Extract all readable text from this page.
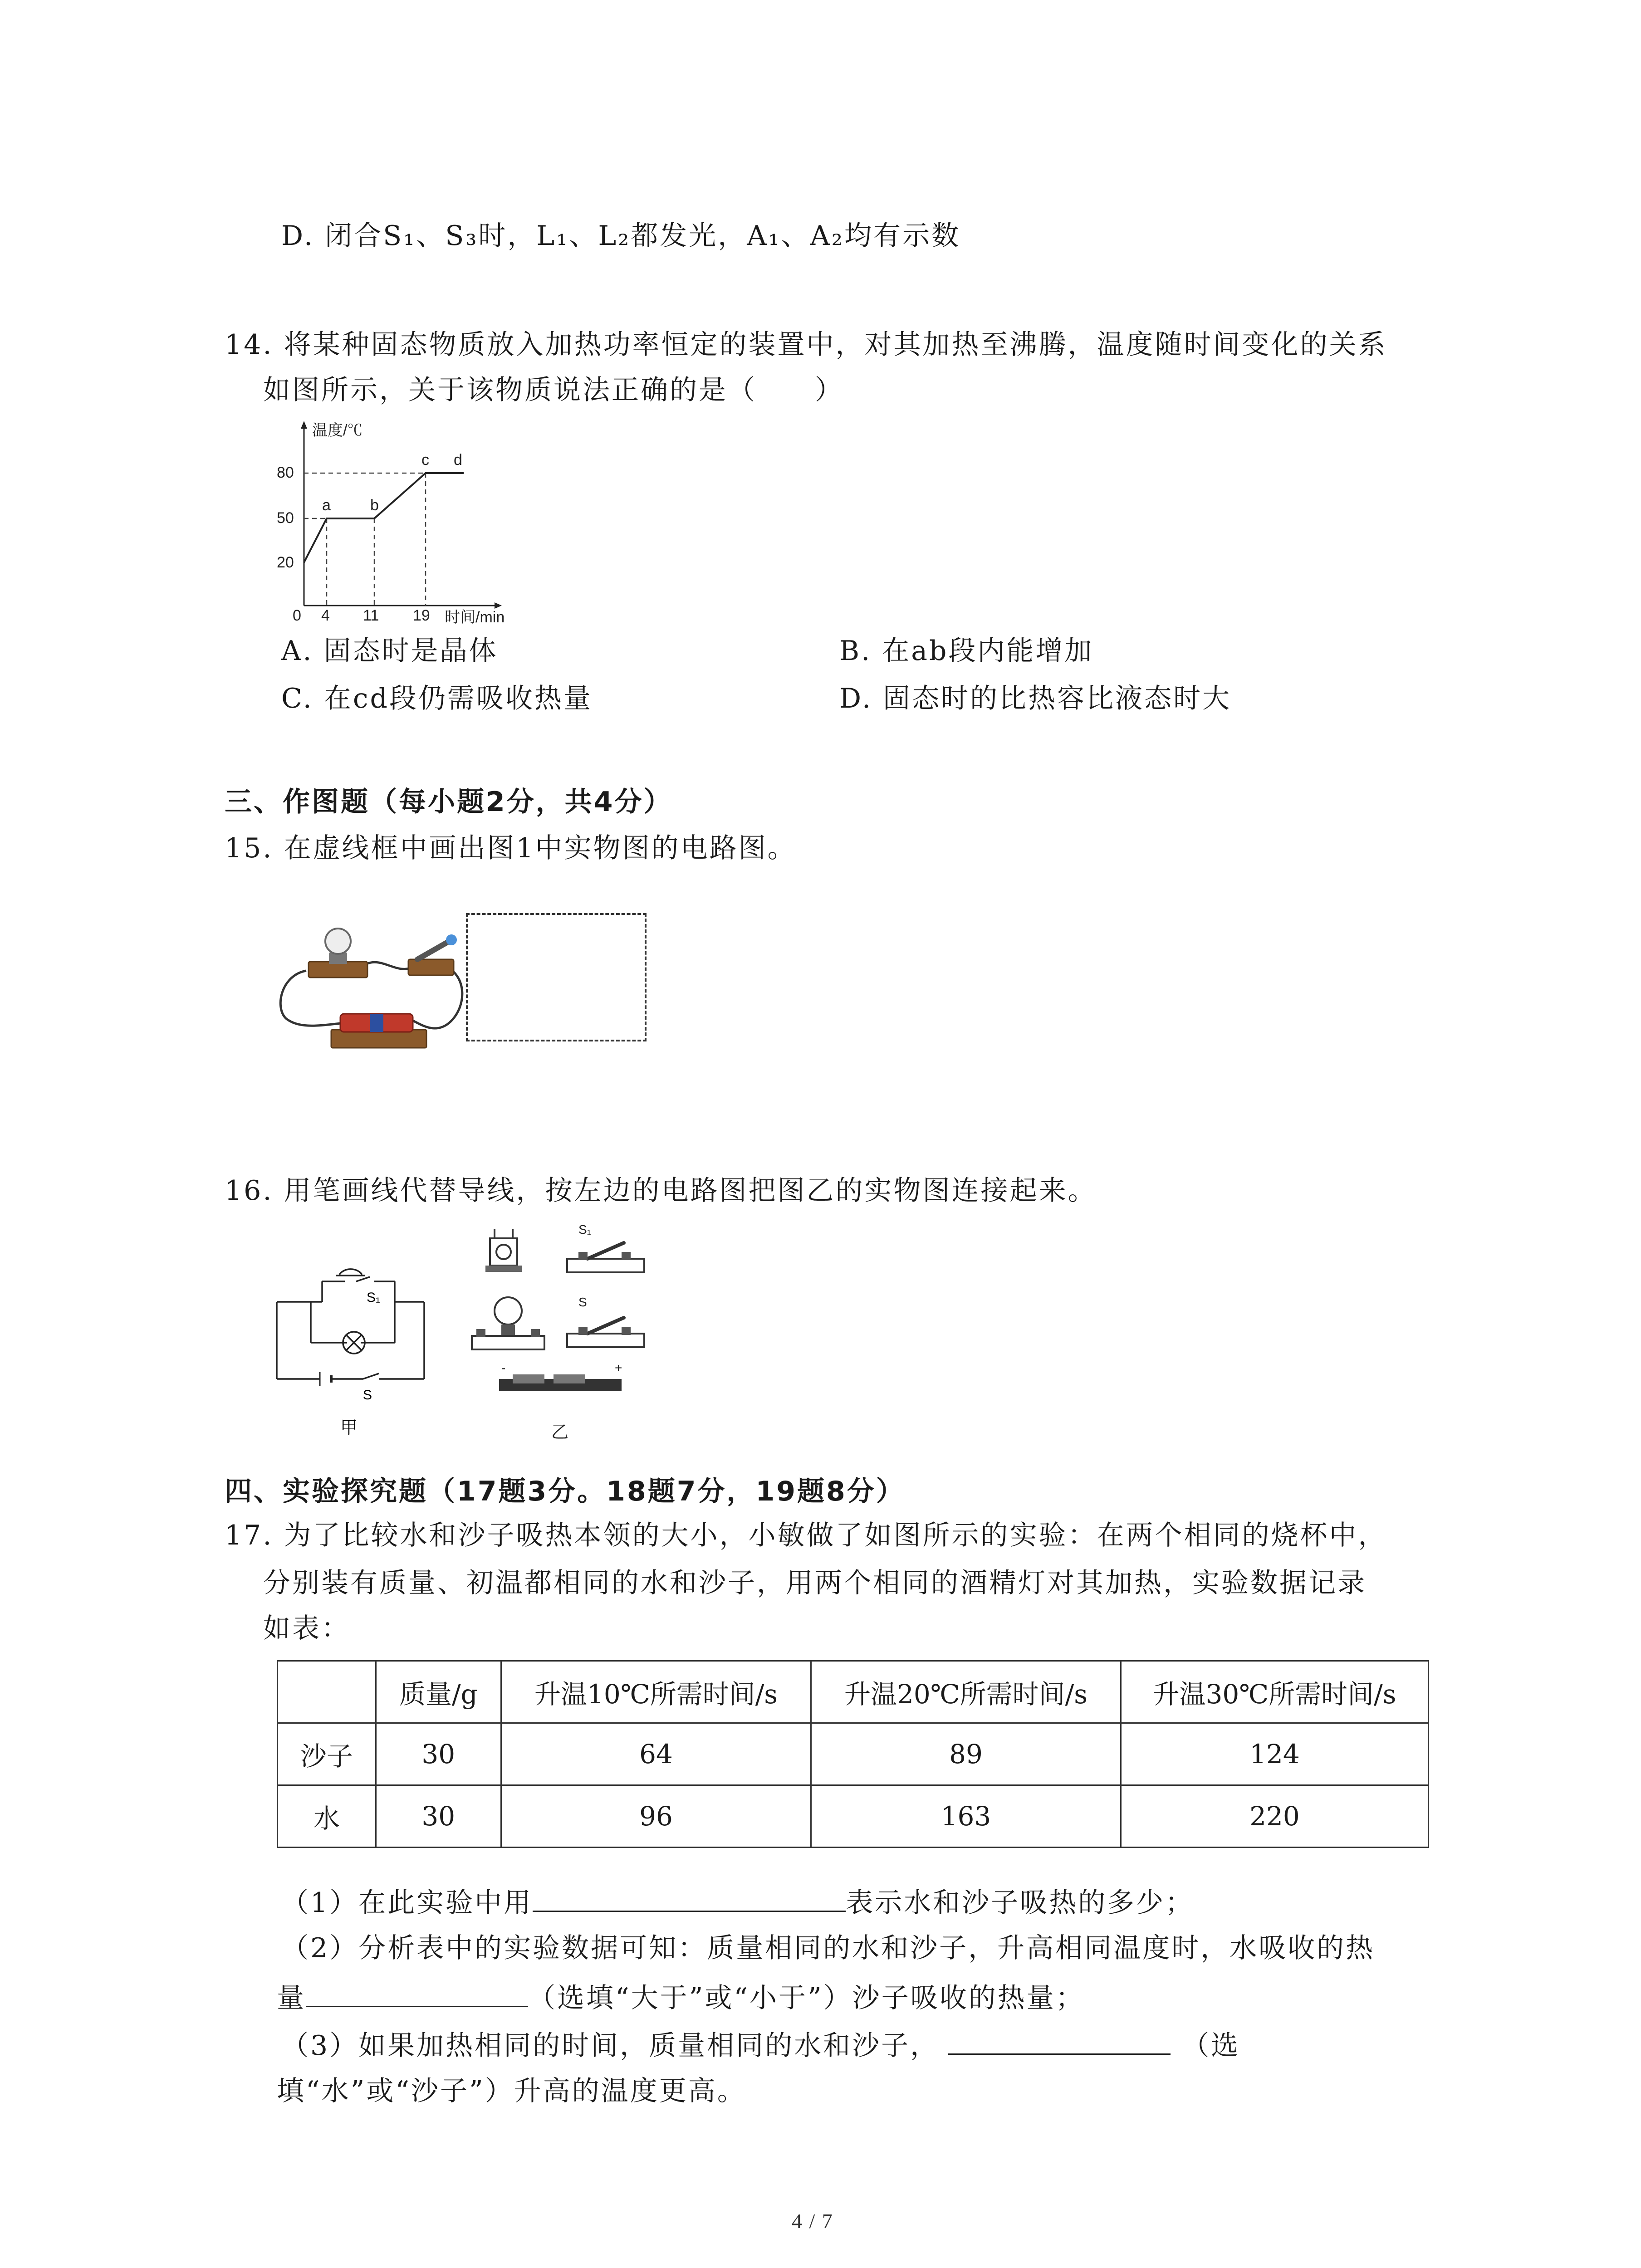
D. 闭合S₁、S₃时，L₁、L₂都发光，A₁、A₂均有示数
14. 将某种固态物质放入加热功率恒定的装置中，对其加热至沸腾，温度随时间变化的关系
如图所示，关于该物质说法正确的是（　　）
温度/℃
时间/min
0 4 11 19
20
50
80
a	b
c d
A. 固态时是晶体	B. 在ab段内能增加
C. 在cd段仍需吸收热量	D. 固态时的比热容比液态时大
三、作图题（每小题2分，共4分）
15. 在虚线框中画出图1中实物图的电路图。
16. 用笔画线代替导线，按左边的电路图把图乙的实物图连接起来。
S₁
S
甲
S₁
S
-	+
乙
四、实验探究题（17题3分。18题7分，19题8分）
17. 为了比较水和沙子吸热本领的大小，小敏做了如图所示的实验：在两个相同的烧杯中，
分别装有质量、初温都相同的水和沙子，用两个相同的酒精灯对其加热，实验数据记录
如表：
	质量/g	升温10℃所需时间/s	升温20℃所需时间/s	升温30℃所需时间/s
沙子	30	64	89	124
水	30	96	163	220
（1）在此实验中用	表示水和沙子吸热的多少；
（2）分析表中的实验数据可知：质量相同的水和沙子，升高相同温度时，水吸收的热
量	（选填“大于”或“小于”）沙子吸收的热量；
（3）如果加热相同的时间，质量相同的水和沙子，	（选
填“水”或“沙子”）升高的温度更高。
4 / 7
